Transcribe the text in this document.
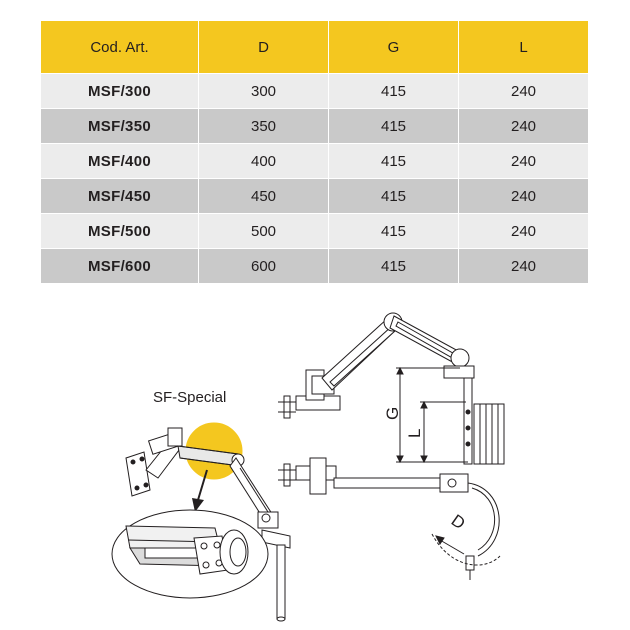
Cod. Art.	D	G	L
MSF/300	300	415	240
MSF/350	350	415	240
MSF/400	400	415	240
MSF/450	450	415	240
MSF/500	500	415	240
MSF/600	600	415	240
SF-Special
G
L
D
